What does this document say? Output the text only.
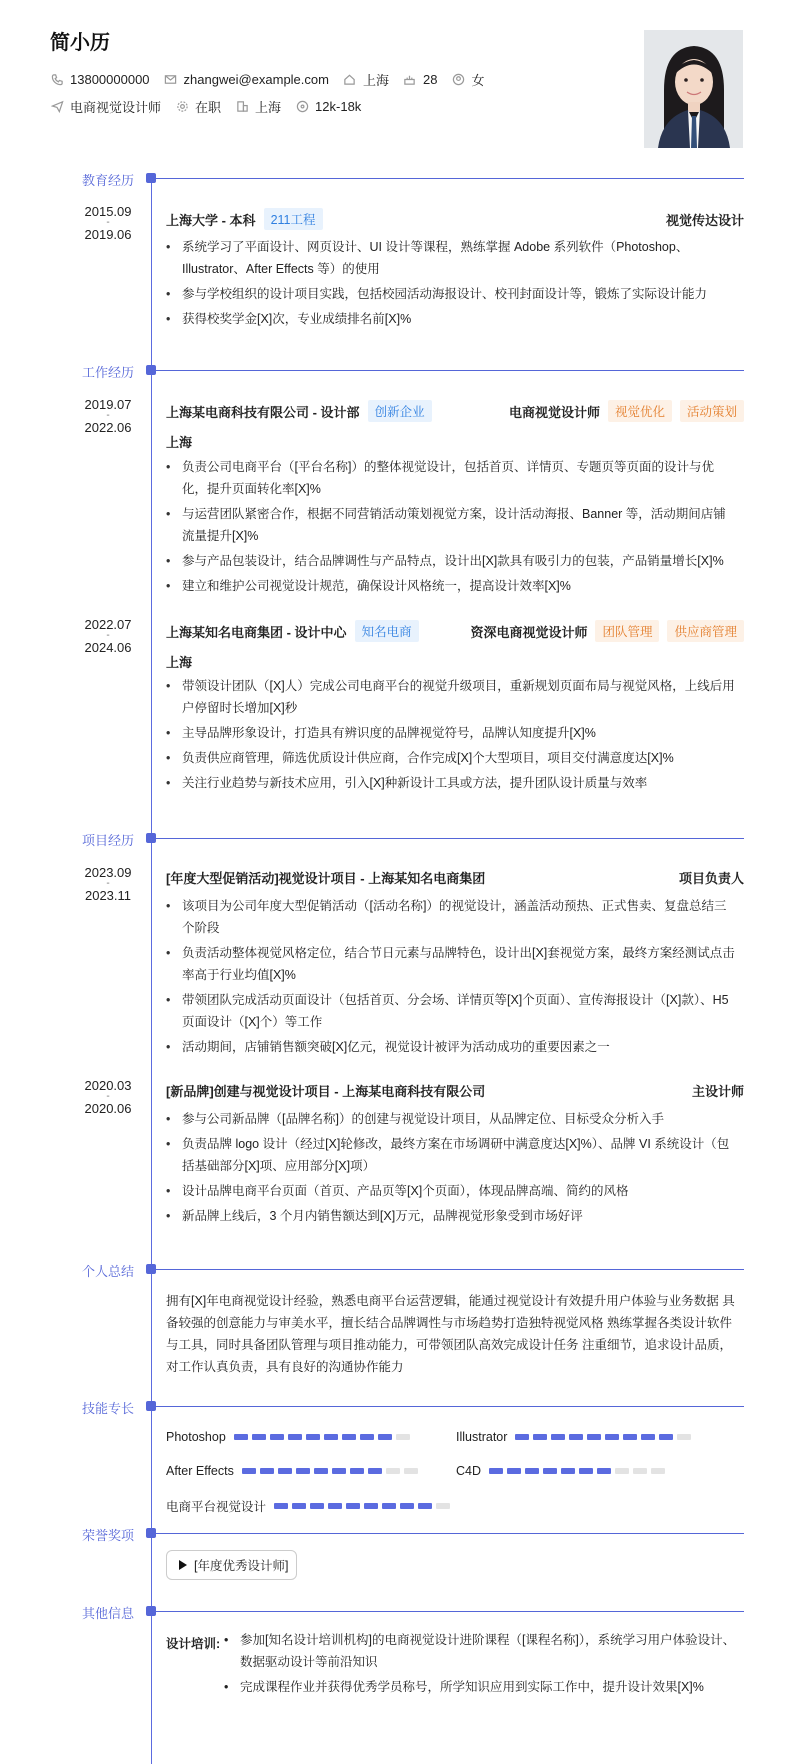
简小历
13800000000	zhangwei@example.com	上海	28	女
电商视觉设计师	在职	上海	12k-18k
教育经历
2015.09
-
2019.06
上海大学 - 本科	211工程	视觉传达设计
• 系统学习了平面设计、网页设计、UI 设计等课程，熟练掌握 Adobe 系列软件（Photoshop、Illustrator、After Effects 等）的使用
• 参与学校组织的设计项目实践，包括校园活动海报设计、校刊封面设计等，锻炼了实际设计能力
• 获得校奖学金[X]次，专业成绩排名前[X]%
工作经历
2019.07
-
2022.06
上海某电商科技有限公司 - 设计部	创新企业	电商视觉设计师	视觉优化	活动策划
上海
• 负责公司电商平台（[平台名称]）的整体视觉设计，包括首页、详情页、专题页等页面的设计与优化，提升页面转化率[X]%
• 与运营团队紧密合作，根据不同营销活动策划视觉方案，设计活动海报、Banner 等，活动期间店铺流量提升[X]%
• 参与产品包装设计，结合品牌调性与产品特点，设计出[X]款具有吸引力的包装，产品销量增长[X]%
• 建立和维护公司视觉设计规范，确保设计风格统一，提高设计效率[X]%
2022.07
-
2024.06
上海某知名电商集团 - 设计中心	知名电商	资深电商视觉设计师	团队管理	供应商管理
上海
• 带领设计团队（[X]人）完成公司电商平台的视觉升级项目，重新规划页面布局与视觉风格，上线后用户停留时长增加[X]秒
• 主导品牌形象设计，打造具有辨识度的品牌视觉符号，品牌认知度提升[X]%
• 负责供应商管理，筛选优质设计供应商，合作完成[X]个大型项目，项目交付满意度达[X]%
• 关注行业趋势与新技术应用，引入[X]种新设计工具或方法，提升团队设计质量与效率
项目经历
2023.09
-
2023.11
[年度大型促销活动]视觉设计项目 - 上海某知名电商集团	项目负责人
• 该项目为公司年度大型促销活动（[活动名称]）的视觉设计，涵盖活动预热、正式售卖、复盘总结三个阶段
• 负责活动整体视觉风格定位，结合节日元素与品牌特色，设计出[X]套视觉方案，最终方案经测试点击率高于行业均值[X]%
• 带领团队完成活动页面设计（包括首页、分会场、详情页等[X]个页面）、宣传海报设计（[X]款）、H5 页面设计（[X]个）等工作
• 活动期间，店铺销售额突破[X]亿元，视觉设计被评为活动成功的重要因素之一
2020.03
-
2020.06
[新品牌]创建与视觉设计项目 - 上海某电商科技有限公司	主设计师
• 参与公司新品牌（[品牌名称]）的创建与视觉设计项目，从品牌定位、目标受众分析入手
• 负责品牌 logo 设计（经过[X]轮修改，最终方案在市场调研中满意度达[X]%）、品牌 VI 系统设计（包括基础部分[X]项、应用部分[X]项）
• 设计品牌电商平台页面（首页、产品页等[X]个页面），体现品牌高端、简约的风格
• 新品牌上线后，3 个月内销售额达到[X]万元，品牌视觉形象受到市场好评
个人总结
拥有[X]年电商视觉设计经验，熟悉电商平台运营逻辑，能通过视觉设计有效提升用户体验与业务数据 具备较强的创意能力与审美水平，擅长结合品牌调性与市场趋势打造独特视觉风格 熟练掌握各类设计软件与工具，同时具备团队管理与项目推动能力，可带领团队高效完成设计任务 注重细节，追求设计品质，对工作认真负责，具有良好的沟通协作能力
技能专长
Photoshop	Illustrator
After Effects	C4D
电商平台视觉设计
荣誉奖项
[年度优秀设计师]
其他信息
设计培训:
•	参加[知名设计培训机构]的电商视觉设计进阶课程（[课程名称]），系统学习用户体验设计、数据驱动设计等前沿知识
• 完成课程作业并获得优秀学员称号，所学知识应用到实际工作中，提升设计效果[X]%
